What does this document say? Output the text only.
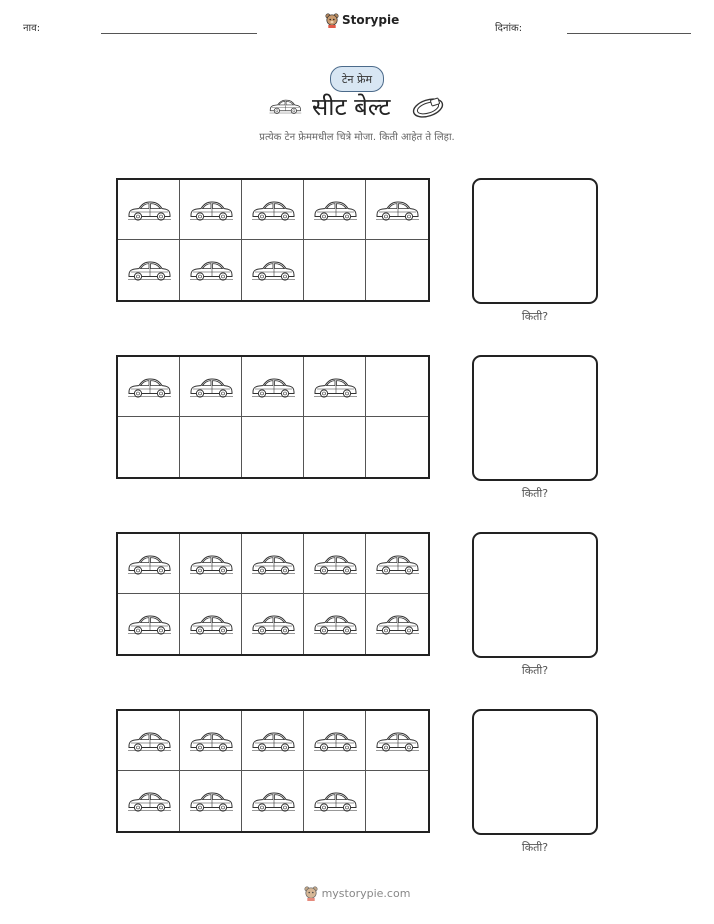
नाव:
Storypie
दिनांक:
टेन फ्रेम
सीट बेल्ट
प्रत्येक टेन फ्रेममधील चित्रे मोजा. किती आहेत ते लिहा.
किती?
किती?
किती?
किती?
mystorypie.com
